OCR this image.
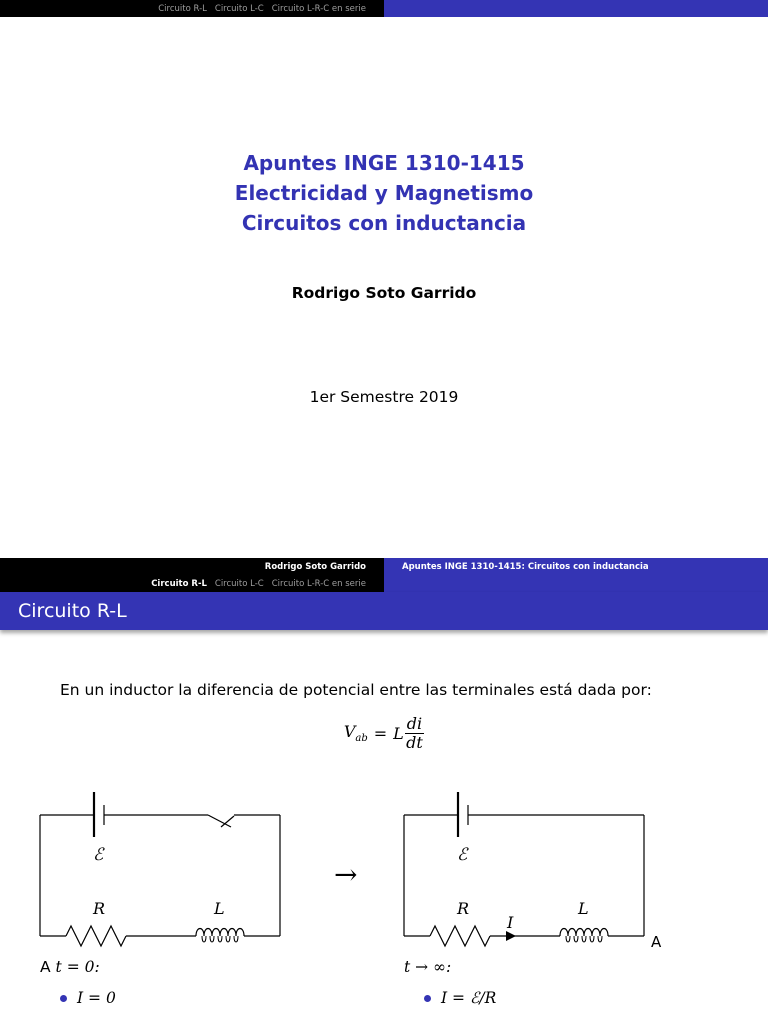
Circuito R-L Circuito L-C Circuito L-R-C en serie
Apuntes INGE 1310-1415
Electricidad y Magnetismo
Circuitos con inductancia
Rodrigo Soto Garrido
1er Semestre 2019
Rodrigo Soto Garrido	Apuntes INGE 1310-1415: Circuitos con inductancia
Circuito R-L Circuito L-C Circuito L-R-C en serie
Circuito R-L
En un inductor la diferencia de potencial entre las terminales está dada por:
$V_{ab} = L \frac{di}{dt}$
ℰ
R	L
→
ℰ
R
I
L
A
A t = 0:	t → ∞:
I = 0	I = ℰ/R
